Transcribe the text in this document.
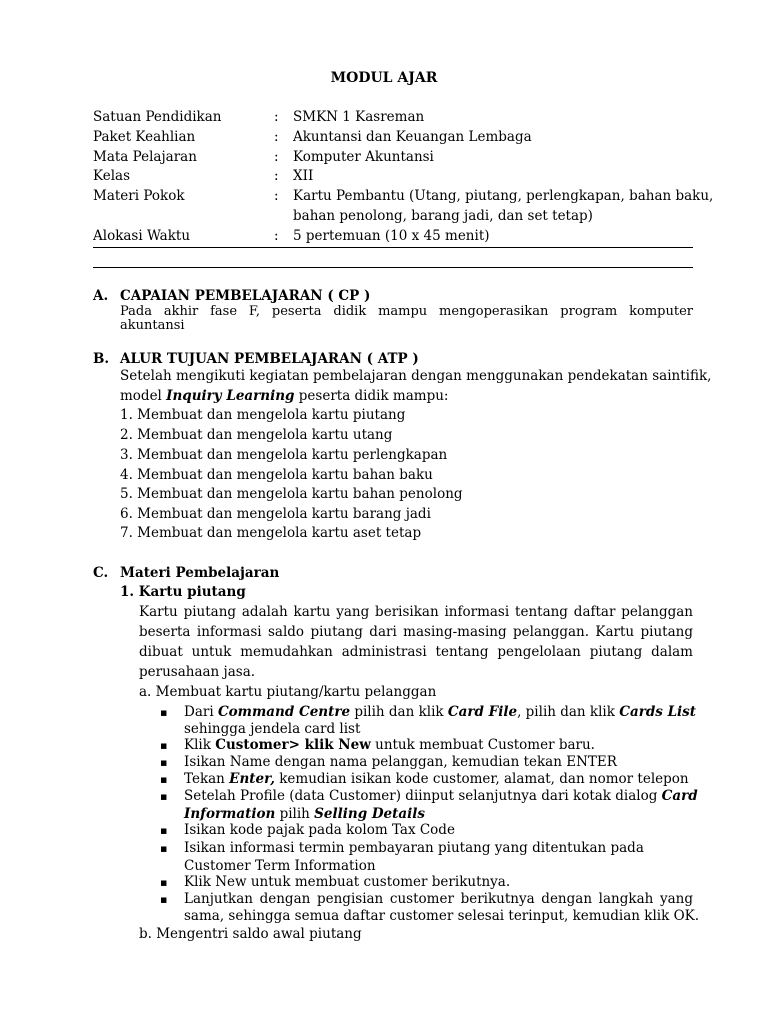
MODUL AJAR
Satuan Pendidikan	: SMKN 1 Kasreman
Paket Keahlian	: Akuntansi dan Keuangan Lembaga
Mata Pelajaran	: Komputer Akuntansi
Kelas	: XII
Materi Pokok	: Kartu Pembantu (Utang, piutang, perlengkapan, bahan baku,
bahan penolong, barang jadi, dan set tetap)
Alokasi Waktu	: 5 pertemuan (10 x 45 menit)
A. CAPAIAN PEMBELAJARAN ( CP )
Pada akhir fase F, peserta didik mampu mengoperasikan program komputer
akuntansi
B. ALUR TUJUAN PEMBELAJARAN ( ATP )
Setelah mengikuti kegiatan pembelajaran dengan menggunakan pendekatan saintifik,
model Inquiry Learning peserta didik mampu:
1. Membuat dan mengelola kartu piutang
2. Membuat dan mengelola kartu utang
3. Membuat dan mengelola kartu perlengkapan
4. Membuat dan mengelola kartu bahan baku
5. Membuat dan mengelola kartu bahan penolong
6. Membuat dan mengelola kartu barang jadi
7. Membuat dan mengelola kartu aset tetap
C. Materi Pembelajaran
1. Kartu piutang
Kartu piutang adalah kartu yang berisikan informasi tentang daftar pelanggan
beserta informasi saldo piutang dari masing-masing pelanggan. Kartu piutang
dibuat untuk memudahkan administrasi tentang pengelolaan piutang dalam
perusahaan jasa.
a. Membuat kartu piutang/kartu pelanggan
▪ Dari Command Centre pilih dan klik Card File, pilih dan klik Cards List
sehingga jendela card list
▪ Klik Customer> klik New untuk membuat Customer baru.
▪ Isikan Name dengan nama pelanggan, kemudian tekan ENTER
▪ Tekan Enter, kemudian isikan kode customer, alamat, dan nomor telepon
▪ Setelah Profile (data Customer) diinput selanjutnya dari kotak dialog Card
Information pilih Selling Details
▪ Isikan kode pajak pada kolom Tax Code
▪ Isikan informasi termin pembayaran piutang yang ditentukan pada
Customer Term Information
▪ Klik New untuk membuat customer berikutnya.
▪ Lanjutkan dengan pengisian customer berikutnya dengan langkah yang
sama, sehingga semua daftar customer selesai terinput, kemudian klik OK.
b. Mengentri saldo awal piutang
